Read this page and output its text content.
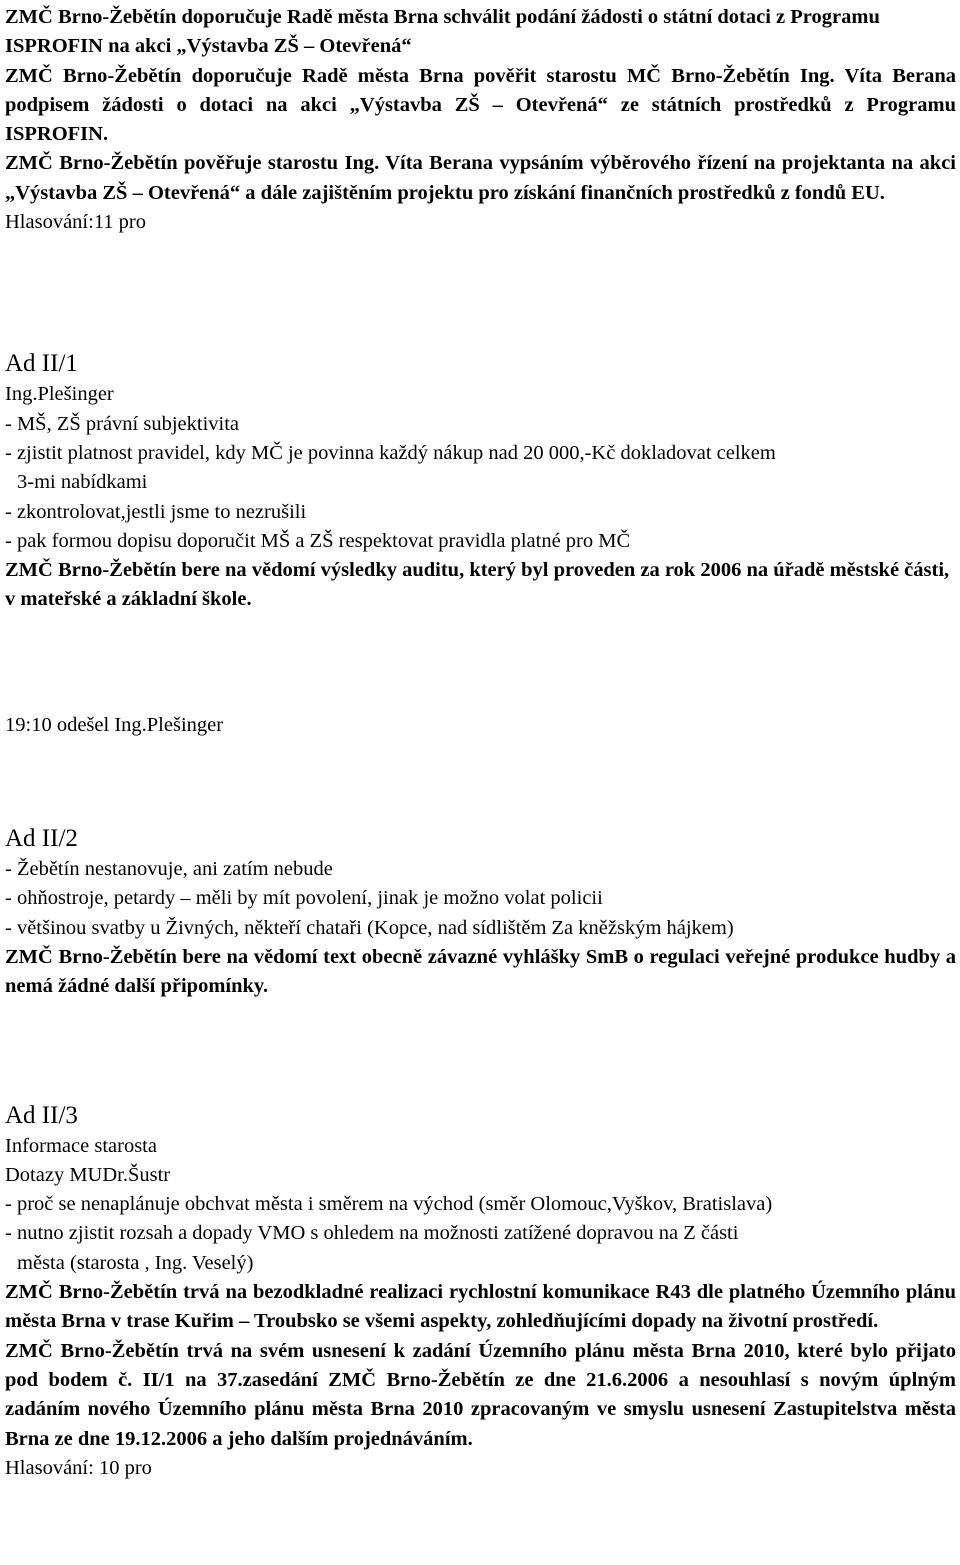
ZMČ Brno-Žebětín doporučuje Radě města Brna schválit podání žádosti o státní dotaci z Programu ISPROFIN na akci „Výstavba ZŠ – Otevřená“

ZMČ Brno-Žebětín doporučuje Radě města Brna pověřit starostu MČ Brno-Žebětín Ing. Víta Berana podpisem žádosti o dotaci na akci „Výstavba ZŠ – Otevřená“ ze státních prostředků z Programu ISPROFIN.

ZMČ Brno-Žebětín pověřuje starostu Ing. Víta Berana vypsáním výběrového řízení na projektanta na akci „Výstavba ZŠ – Otevřená“ a dále zajištěním projektu pro získání finančních prostředků z fondů EU.

Hlasování:11 pro

Ad II/1

Ing.Plešinger

- MŠ, ZŠ právní subjektivita

- zjistit platnost pravidel, kdy MČ je povinna každý nákup nad 20 000,-Kč dokladovat celkem

3-mi nabídkami

- zkontrolovat,jestli jsme to nezrušili

- pak formou dopisu doporučit MŠ a ZŠ respektovat pravidla platné pro MČ

ZMČ Brno-Žebětín bere na vědomí výsledky auditu, který byl proveden za rok 2006 na úřadě městské části, v mateřské a základní škole.

19:10 odešel Ing.Plešinger

Ad II/2

- Žebětín nestanovuje, ani zatím nebude

- ohňostroje, petardy – měli by mít povolení, jinak je možno volat policii

- většinou svatby u Živných, někteří chataři (Kopce, nad sídlištěm Za kněžským hájkem)

ZMČ Brno-Žebětín bere na vědomí text obecně závazné vyhlášky SmB o regulaci veřejné produkce hudby a nemá žádné další připomínky.

Ad II/3

Informace starosta

Dotazy MUDr.Šustr

- proč se nenaplánuje obchvat města i směrem na východ (směr Olomouc,Vyškov, Bratislava)

- nutno zjistit rozsah a dopady VMO s ohledem na možnosti zatížené dopravou na Z části

města (starosta , Ing. Veselý)

ZMČ Brno-Žebětín trvá na bezodkladné realizaci rychlostní komunikace R43 dle platného Územního plánu města Brna v trase Kuřim – Troubsko se všemi aspekty, zohledňujícími dopady na životní prostředí.

ZMČ Brno-Žebětín trvá na svém usnesení k zadání Územního plánu města Brna 2010, které bylo přijato pod bodem č. II/1 na 37.zasedání ZMČ Brno-Žebětín ze dne 21.6.2006 a nesouhlasí s novým úplným zadáním nového Územního plánu města Brna 2010 zpracovaným ve smyslu usnesení Zastupitelstva města Brna ze dne 19.12.2006 a jeho dalším projednáváním.

Hlasování: 10 pro
